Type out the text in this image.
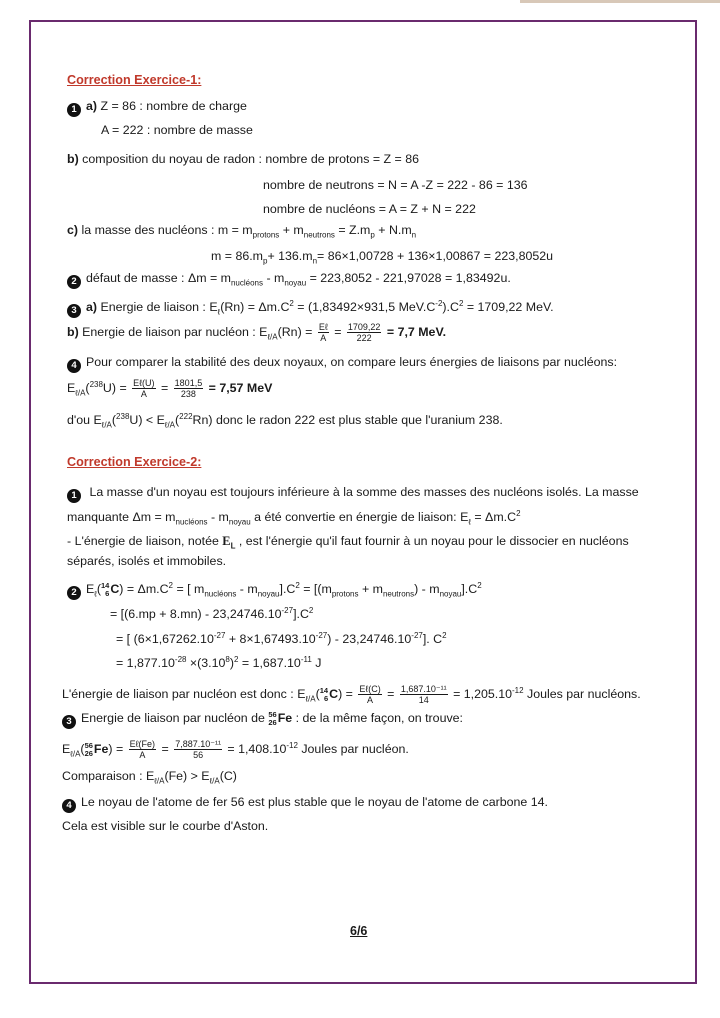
Correction Exercice-1:
1 a) Z = 86 : nombre de charge
A = 222 : nombre de masse
b) composition du noyau de radon : nombre de protons = Z = 86
nombre de neutrons = N = A -Z = 222 - 86 = 136
nombre de nucléons = A = Z + N = 222
c) la masse des nucléons : $m = m_{protons} + m_{neutrons} = Z.m_p + N.m_n$
$m = 86.m_p+ 136.m_n= 86\times 1,00728 + 136\times 1,00867 = 223,8052u$
2 défaut de masse : $\Delta m = m_{nucléons} - m_{noyau} = 223,8052 - 221,97028 = 1,83492u$.
3 a) Energie de liaison : $E_\ell(Rn) = \Delta m.C^2 = (1,83492\times 931,5$ $MeV.C^{-2}).C^2 = 1709,22$ MeV.
b) Energie de liaison par nucléon : $E_{\ell/A}(Rn) = \frac{\text{Eℓ}}{A} = \frac{1709,22}{222} = 7,7$ MeV.
4 Pour comparer la stabilité des deux noyaux, on compare leurs énergies de liaisons par nucléons:
$E_{\ell/A}(^{238}U) = \frac{\text{Eℓ(U)}}{A} = \frac{1801,5}{238} = 7,57$ MeV
d'ou $E_{\ell/A}(^{238}U) < E_{\ell/A}(^{222}Rn)$ donc le radon 222 est plus stable que l'uranium 238.
Correction Exercice-2:
1 La masse d'un noyau est toujours inférieure à la somme des masses des nucléons isolés. La masse
manquante $\Delta m = m_{nucléons} - m_{noyau}$ a été convertie en énergie de liaison: $E_\ell = \Delta m.C^2$
- L'énergie de liaison, notée $E_L$ , est l'énergie qu'il faut fournir à un noyau pour le dissocier en nucléons
séparés, isolés et immobiles.
2 $E_\ell$( 14
6 $C) = \Delta m.C^2$ = [ $m_{nucléons} - m_{noyau}].C^2 = [(m_{protons} + m_{neutrons}) - m_{noyau}].C^2$
= $[(6.mp + 8.mn) - 23,24746.10^{-27}].C^2$
= [ $(6\times 1,67262.10^{-27} + 8\times 1,67493.10^{-27}) - 23,24746.10^{-27}$]. $C^2$
= $1,877.10^{-28} \times(3.10^8)^2 = 1,687.10^{-11}$ J
L'énergie de liaison par nucléon est donc : $E_{\ell/A}$( 14
6 $C) = \frac{\text{Eℓ(C)}}{A} = \frac{\text{1,687.10⁻¹¹}}{14} = 1,205.10^{-12}$ Joules par nucléons.
3 Energie de liaison par nucléon de 56
26 Fe : de la même façon, on trouve:
$E_{\ell/A}$( 56
26 $Fe) = \frac{\text{Eℓ(Fe)}}{A} = \frac{\text{7,887.10⁻¹¹}}{56} = 1,408.10^{-12}$ Joules par nucléon.
Comparaison : $E_{\ell/A}(Fe) > E_{\ell/A}(C)$
4 Le noyau de l'atome de fer 56 est plus stable que le noyau de l'atome de carbone 14.
Cela est visible sur le courbe d'Aston.
6/6
